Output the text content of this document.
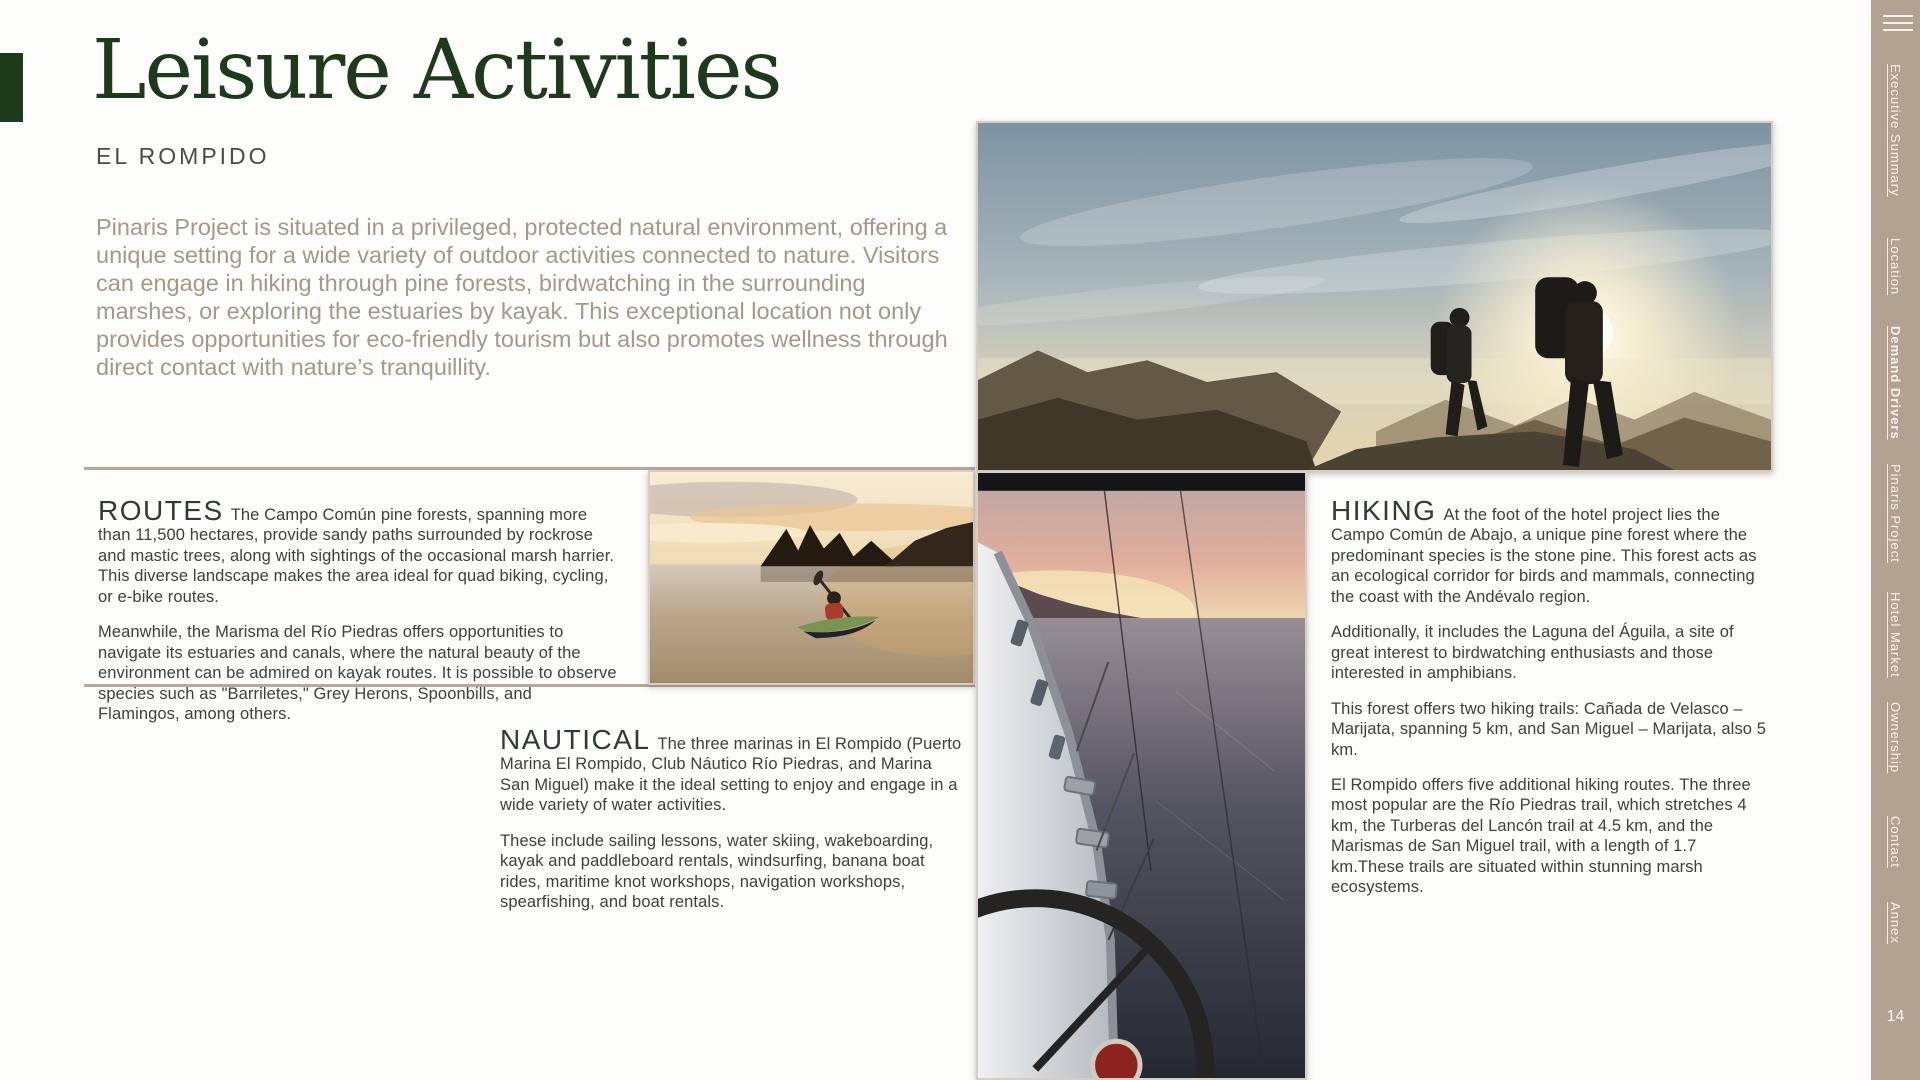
Leisure Activities
EL ROMPIDO
Pinaris Project is situated in a privileged, protected natural environment, offering a unique setting for a wide variety of outdoor activities connected to nature. Visitors can engage in hiking through pine forests, birdwatching in the surrounding marshes, or exploring the estuaries by kayak. This exceptional location not only provides opportunities for eco-friendly tourism but also promotes wellness through direct contact with nature’s tranquillity.

ROUTES The Campo Común pine forests, spanning more than 11,500 hectares, provide sandy paths surrounded by rockrose and mastic trees, along with sightings of the occasional marsh harrier. This diverse landscape makes the area ideal for quad biking, cycling, or e-bike routes.

Meanwhile, the Marisma del Río Piedras offers opportunities to navigate its estuaries and canals, where the natural beauty of the environment can be admired on kayak routes. It is possible to observe species such as "Barriletes," Grey Herons, Spoonbills, and Flamingos, among others.

NAUTICAL The three marinas in El Rompido (Puerto Marina El Rompido, Club Náutico Río Piedras, and Marina San Miguel) make it the ideal setting to enjoy and engage in a wide variety of water activities.

These include sailing lessons, water skiing, wakeboarding, kayak and paddleboard rentals, windsurfing, banana boat rides, maritime knot workshops, navigation workshops, spearfishing, and boat rentals.

HIKING At the foot of the hotel project lies the Campo Común de Abajo, a unique pine forest where the predominant species is the stone pine. This forest acts as an ecological corridor for birds and mammals, connecting the coast with the Andévalo region.

Additionally, it includes the Laguna del Águila, a site of great interest to birdwatching enthusiasts and those interested in amphibians.

This forest offers two hiking trails: Cañada de Velasco – Marijata, spanning 5 km, and San Miguel – Marijata, also 5 km.

El Rompido offers five additional hiking routes. The three most popular are the Río Piedras trail, which stretches 4 km, the Turberas del Lancón trail at 4.5 km, and the Marismas de San Miguel trail, with a length of 1.7 km.These trails are situated within stunning marsh ecosystems.

Executive Summary
Location
Demand Drivers
Pinaris Project
Hotel Market
Ownership
Contact
Annex
14
